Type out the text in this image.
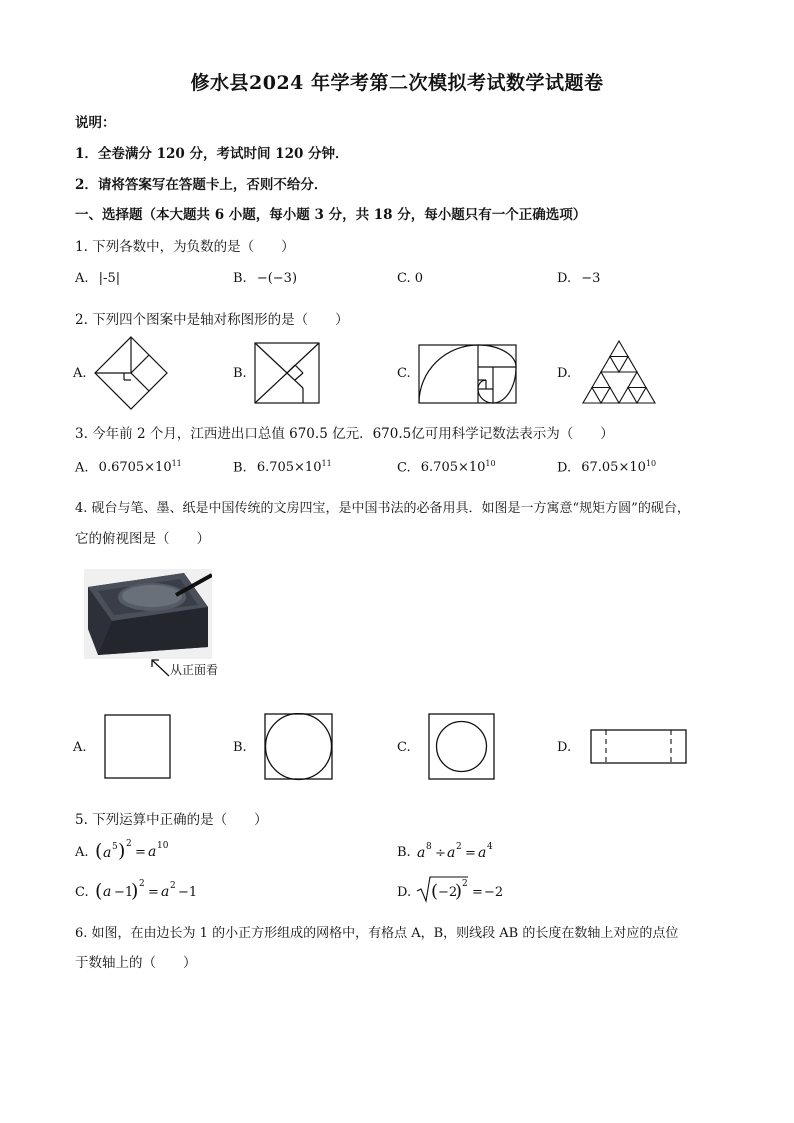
修水县2024 年学考第二次模拟考试数学试题卷
说明：
1．全卷满分 120 分，考试时间 120 分钟．
2．请将答案写在答题卡上，否则不给分．
一、选择题（本大题共 6 小题，每小题 3 分，共 18 分，每小题只有一个正确选项）
1. 下列各数中，为负数的是（　　）
A. |-5|	B. −(−3)	C. 0	D. −3
2. 下列四个图案中是轴对称图形的是（　　）
A.	B.	C.	D.
3. 今年前 2 个月，江西进出口总值 670.5 亿元．670.5亿可用科学记数法表示为（　　）
A. $0.6705\times 10^{11}$	B. $6.705\times 10^{11}$	C. $6.705\times 10^{10}$	D. $67.05\times 10^{10}$
4. 砚台与笔、墨、纸是中国传统的文房四宝，是中国书法的必备用具．如图是一方寓意“规矩方圆”的砚台，
它的俯视图是（　　）
从正面看
A.	B.	C.	D.
5. 下列运算中正确的是（　　）
A. ( a 5 ) 2
= a 10	B. a 8 ÷ a 2 = a 4
C. ( a −1
) 2
= a 2 −1	D. ( −2
) 2
= −2
6. 如图，在由边长为 1 的小正方形组成的网格中，有格点 A，B，则线段 AB 的长度在数轴上对应的点位
于数轴上的（　　）
